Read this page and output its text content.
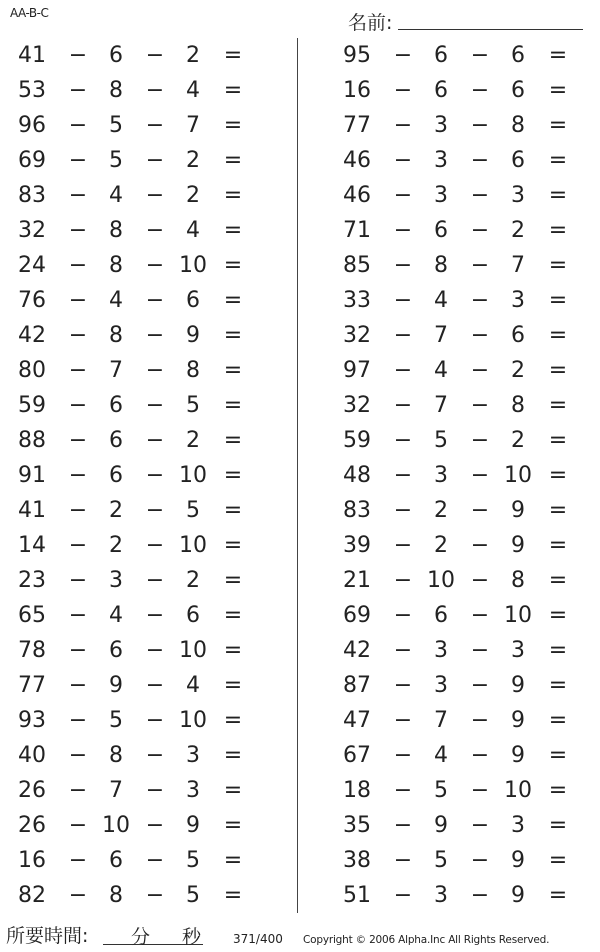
AA-B-C	名前:
41	− 6	− 2	=
53	− 8	− 4	=
96	− 5	− 7	=
69	− 5	− 2	=
83	− 4	− 2	=
32	− 8	− 4	=
24	− 8	− 10 =
76	− 4	− 6	=
42	− 8	− 9	=
80	− 7	− 8	=
59	− 6	− 5	=
88	− 6	− 2	=
91	− 6	− 10 =
41	− 2	− 5	=
14	− 2	− 10 =
23	− 3	− 2	=
65	− 4	− 6	=
78	− 6	− 10 =
77	− 9	− 4	=
93	− 5	− 10 =
40	− 8	− 3	=
26	− 7	− 3	=
26	− 10 − 9	=
16	− 6	− 5	=
82	− 8	− 5	=
95	− 6	− 6	=
16	− 6	− 6	=
77	− 3	− 8	=
46	− 3	− 6	=
46	− 3	− 3	=
71	− 6	− 2	=
85	− 8	− 7	=
33	− 4	− 3	=
32	− 7	− 6	=
97	− 4	− 2	=
32	− 7	− 8	=
59	− 5	− 2	=
48	− 3	− 10 =
83	− 2	− 9	=
39	− 2	− 9	=
21	− 10 − 8	=
69	− 6	− 10 =
42	− 3	− 3	=
87	− 3	− 9	=
47	− 7	− 9	=
67	− 4	− 9	=
18	− 5	− 10 =
35	− 9	− 3	=
38	− 5	− 9	=
51	− 3	− 9	=
所要時間: 分 秒	371/400 Copyright © 2006 Alpha.Inc All Rights Reserved.
